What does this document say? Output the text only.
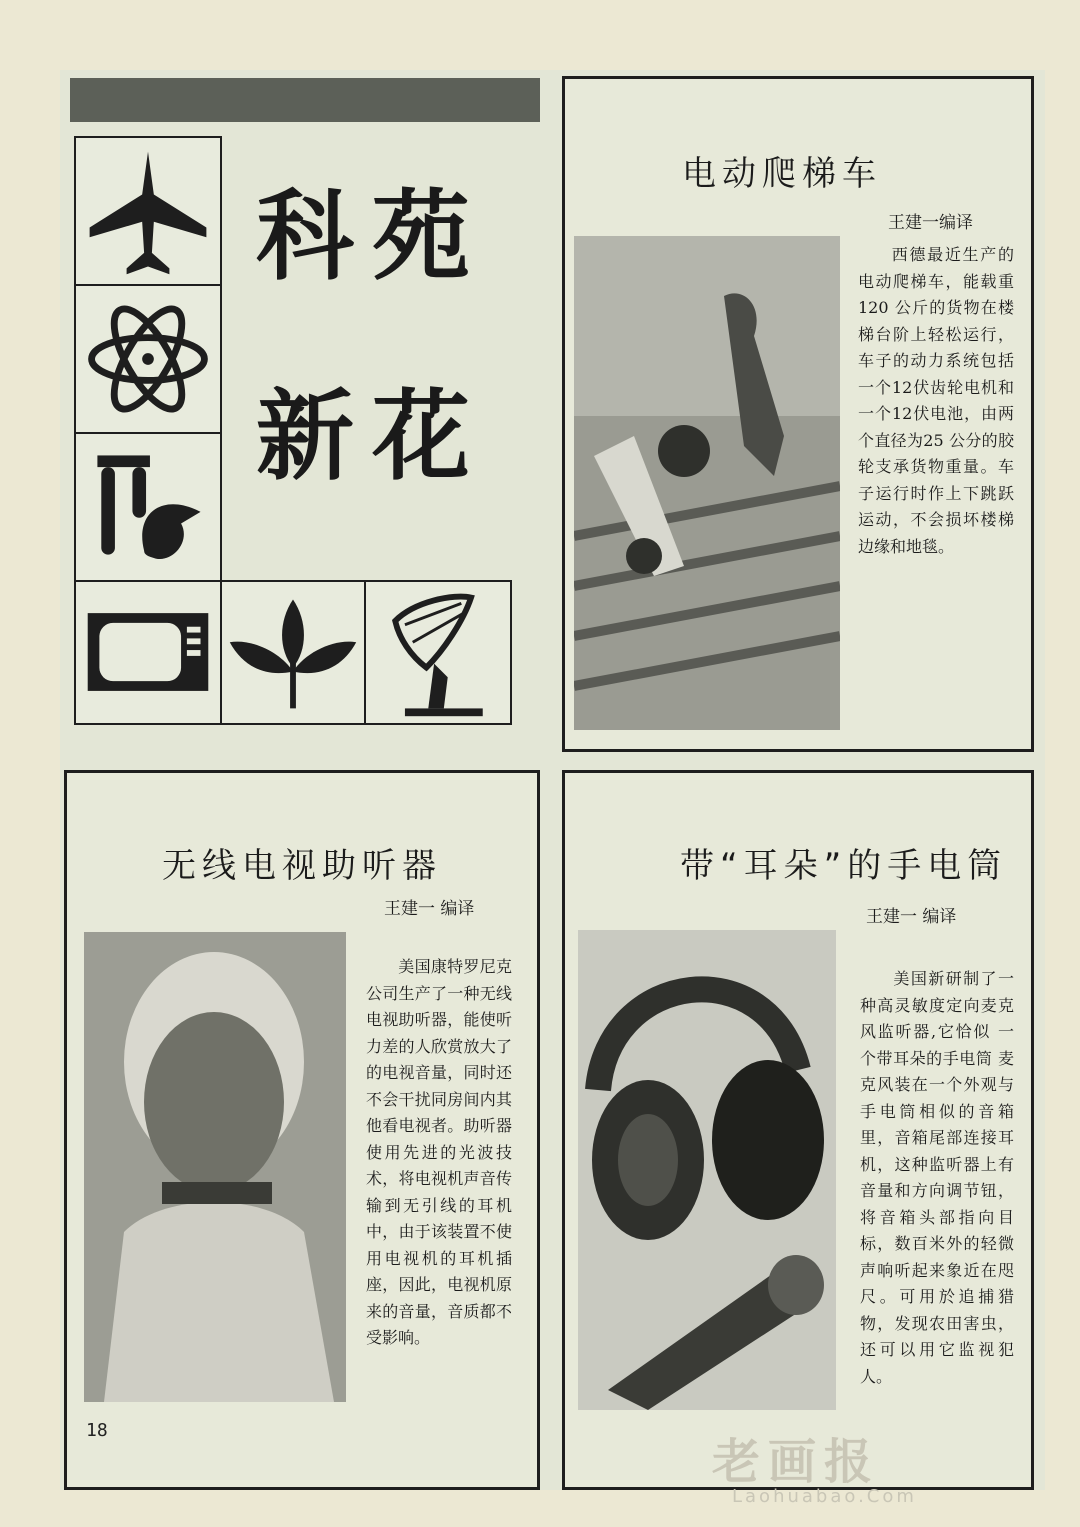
科苑
新花
电动爬梯车
王建一编译
西德最近生产的电动爬梯车，能载重120 公斤的货物在楼梯台阶上轻松运行，车子的动力系统包括一个12伏齿轮电机和一个12伏电池，由两个直径为25 公分的胶轮支承货物重量。车子运行时作上下跳跃运动，不会损坏楼梯边缘和地毯。
无线电视助听器
王建一 编译
美国康特罗尼克公司生产了一种无线电视助听器，能使听力差的人欣赏放大了的电视音量，同时还不会干扰同房间内其他看电视者。助听器使用先进的光波技术，将电视机声音传输到无引线的耳机中，由于该装置不使用电视机的耳机插座，因此，电视机原来的音量，音质都不受影响。
带“耳朵”的手电筒
王建一 编译
美国新研制了一种高灵敏度定向麦克风监听器,它恰似 一个带耳朵的手电筒 麦克风装在一个外观与手电筒相似的音箱里，音箱尾部连接耳机，这种监听器上有音量和方向调节钮，将音箱头部指向目标，数百米外的轻微声响听起来象近在咫尺。可用於追捕猎物，发现农田害虫，还可以用它监视犯人。
18
老画报
Laohuabao.Com
